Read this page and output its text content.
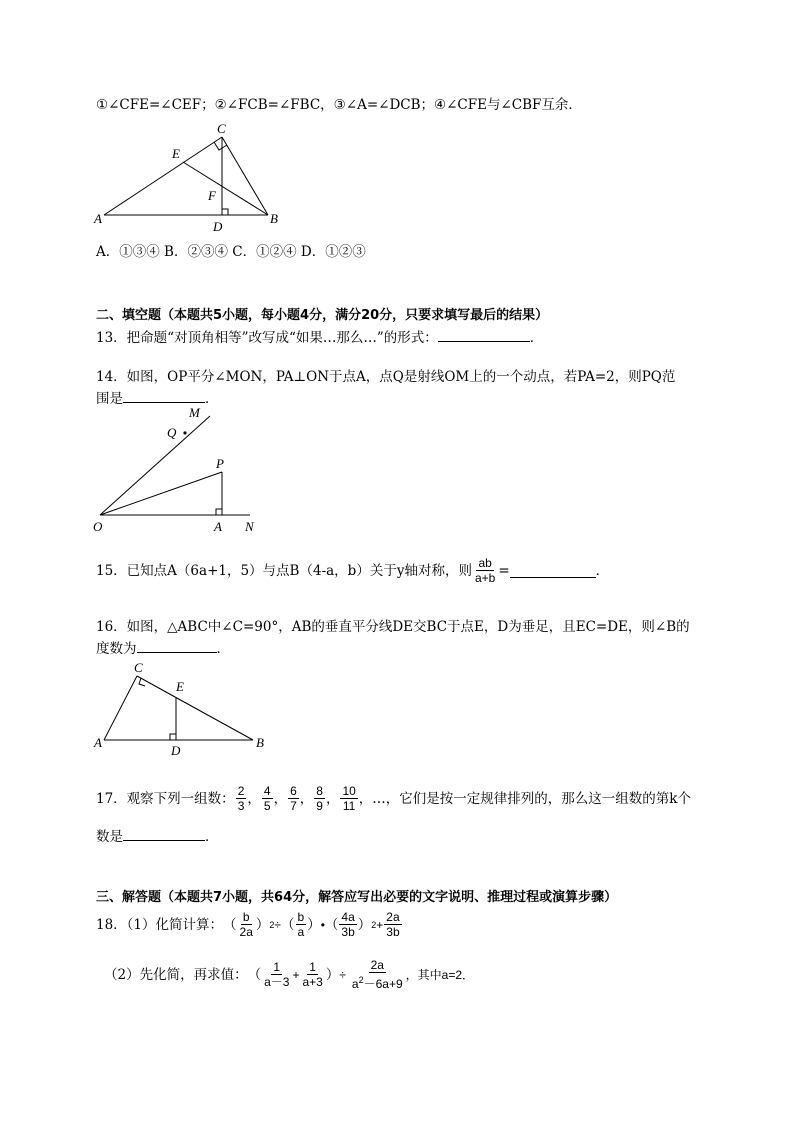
①∠CFE=∠CEF；②∠FCB=∠FBC，③∠A=∠DCB；④∠CFE与∠CBF互余．
C
E
F
A
D
B
A．①③④ B．②③④ C．①②④ D．①②③
二、填空题（本题共5小题，每小题4分，满分20分，只要求填写最后的结果）
13．把命题“对顶角相等”改写成“如果…那么…”的形式：	．
14．如图，OP平分∠MON，PA⊥ON于点A，点Q是射线OM上的一个动点，若PA=2，则PQ范
围是	．
M
Q
P
O	A N
15．已知点A（6a+1，5）与点B（4-a，b）关于y轴对称，则 $\frac{ab}{a+b}$ =	．
16．如图，△ABC中∠C=90°，AB的垂直平分线DE交BC于点E，D为垂足，且EC=DE，则∠B的
度数为	．
C
E
A
D
B
17．观察下列一组数： $\frac{2}{3}$ ， $\frac{4}{5}$ ， $\frac{6}{7}$ ， $\frac{8}{9}$ ， $\frac{10}{11}$ ，…，它们是按一定规律排列的，那么这一组数的第k个
数是	．
三、解答题（本题共7小题，共64分，解答应写出必要的文字说明、推理过程或演算步骤）
18．（1）化简计算： （ $\frac{b}{2a}$ ） 2 ÷ （ $\frac{b}{a}$ ） • （ $\frac{4a}{3b}$ ） $2 + \frac{2a}{3b}$
（2）先化简，再求值： （ $\frac{1}{a-3} + \frac{1}{a+3}$ ） ÷ $\frac{2a}{a^2-6a+9}$ ，其中a=2．
